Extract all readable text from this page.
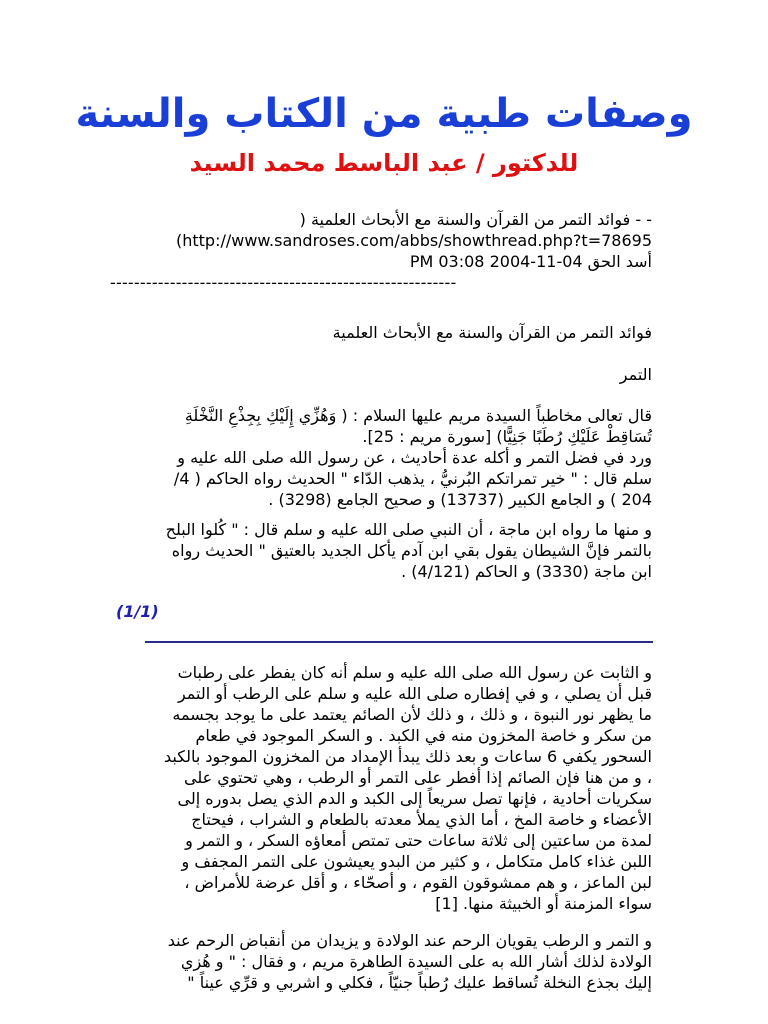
وصفات طبية من الكتاب والسنة
للدكتور / عبد الباسط محمد السيد

- - فوائد التمر من القرآن والسنة مع الأبحاث العلمية (

(http://www.sandroses.com/abbs/showthread.php?t=78695

أسد الحق 04-11-2004 03:08 PM

----------------------------------------------------------

فوائد التمر من القرآن والسنة مع الأبحاث العلمية
التمر

قال تعالى مخاطباً السيدة مريم عليها السلام : ( وَهُزِّي إِلَيْكِ بِجِذْعِ النَّخْلَةِ

تُسَاقِطْ عَلَيْكِ رُطَبًا جَنِيًّا) [سورة مريم : 25].

ورد في فضل التمر و أكله عدة أحاديث ، عن رسول الله صلى الله عليه و

سلم قال : " خير تمراتكم البُرنيُّ ، يذهب الدّاء " الحديث رواه الحاكم ( 4/

204 ) و الجامع الكبير (13737) و صحيح الجامع (3298) .

و منها ما رواه ابن ماجة ، أن النبي صلى الله عليه و سلم قال : " كُلوا البلح

بالتمر فإنَّ الشيطان يقول بقي ابن آدم يأكل الجديد بالعتيق " الحديث رواه

ابن ماجة (3330) و الحاكم (4/121) .

(1/1)

و الثابت عن رسول الله صلى الله عليه و سلم أنه كان يفطر على رطبات

قبل أن يصلي ، و في إفطاره صلى الله عليه و سلم على الرطب أو التمر

ما يظهر نور النبوة ، و ذلك ، و ذلك لأن الصائم يعتمد على ما يوجد بجسمه

من سكر و خاصة المخزون منه في الكبد . و السكر الموجود في طعام

السحور يكفي 6 ساعات و بعد ذلك يبدأ الإمداد من المخزون الموجود بالكبد

، و من هنا فإن الصائم إذا أفطر على التمر أو الرطب ، وهي تحتوي على

سكريات أحادية ، فإنها تصل سريعاً إلى الكبد و الدم الذي يصل بدوره إلى

الأعضاء و خاصة المخ ، أما الذي يملأ معدته بالطعام و الشراب ، فيحتاج

لمدة من ساعتين إلى ثلاثة ساعات حتى تمتص أمعاؤه السكر ، و التمر و

اللبن غذاء كامل متكامل ، و كثير من البدو يعيشون على التمر المجفف و

لبن الماعز ، و هم ممشوقون القوم ، و أصحّاء ، و أقل عرضة للأمراض ،

سواء المزمنة أو الخبيثة منها. [1]

و التمر و الرطب يقويان الرحم عند الولادة و يزيدان من أنقباض الرحم عند

الولادة لذلك أشار الله به على السيدة الطاهرة مريم ، و فقال : " و هُزي

إليك بجذع النخلة تُساقط عليك رُطباً جنيّاً ، فكلي و اشربي و قرِّي عيناً "
